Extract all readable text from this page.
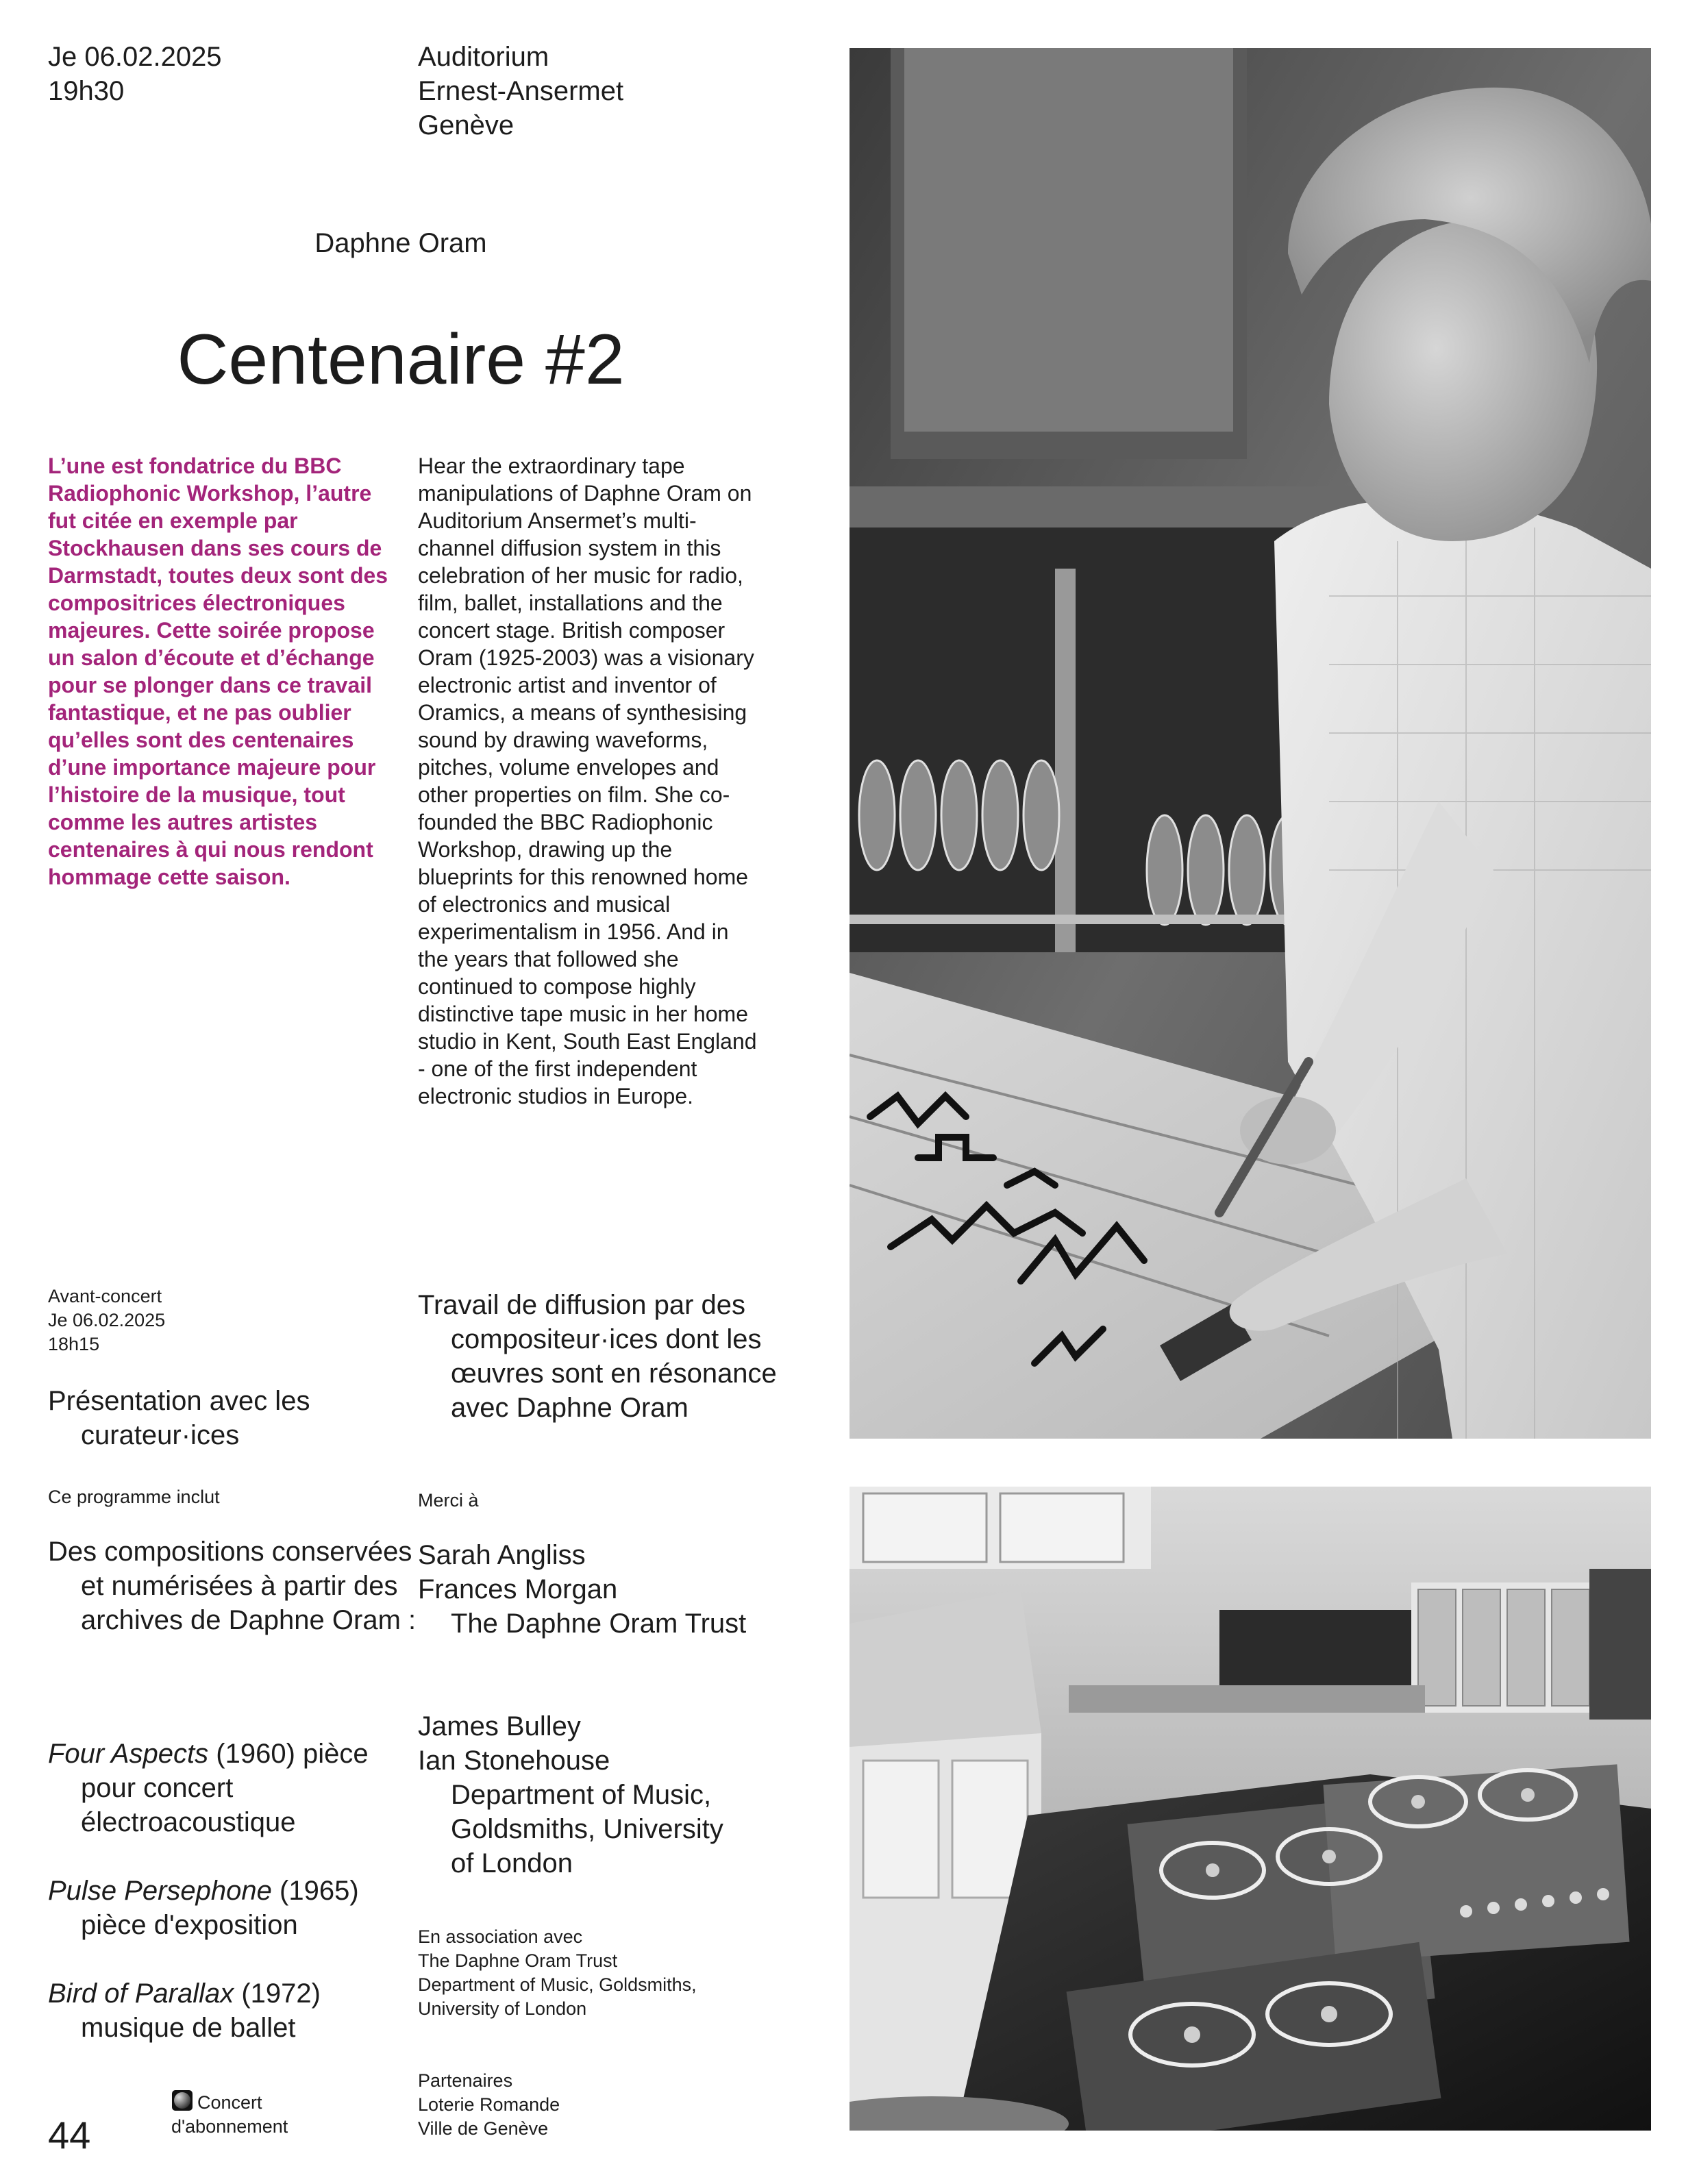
Je 06.02.2025
19h30
Auditorium
Ernest-Ansermet
Genève
Daphne Oram
Centenaire #2

L’une est fondatrice du BBC Radiophonic Workshop, l’autre fut citée en exemple par Stockhausen dans ses cours de Darmstadt, toutes deux sont des compositrices électroniques majeures. Cette soirée propose un salon d’écoute et d’échange pour se plonger dans ce travail fantastique, et ne pas oublier qu’elles sont des centenaires d’une importance majeure pour l’histoire de la musique, tout comme les autres artistes centenaires à qui nous rendont hommage cette saison.

Hear the extraordinary tape manipulations of Daphne Oram on Auditorium Ansermet’s multi-channel diffusion system in this celebration of her music for radio, film, ballet, installations and the concert stage. British composer Oram (1925-2003) was a visionary electronic artist and inventor of Oramics, a means of synthesising sound by drawing waveforms, pitches, volume envelopes and other properties on film. She co-founded the BBC Radiophonic Workshop, drawing up the blueprints for this renowned home of electronics and musical experimentalism in 1956. And in the years that followed she continued to compose highly distinctive tape music in her home studio in Kent, South East England - one of the first independent electronic studios in Europe.

Avant-concert
Je 06.02.2025
18h15

Présentation avec les curateur·ices

Ce programme inclut

Des compositions conservées et numérisées à partir des archives de Daphne Oram :

Four Aspects (1960) pièce pour concert électroacoustique
Pulse Persephone (1965) pièce d'exposition
Bird of Parallax (1972) musique de ballet

Travail de diffusion par des compositeur·ices dont les œuvres sont en résonance avec Daphne Oram

Merci à
Sarah Angliss
Frances Morgan

The Daphne Oram Trust

James Bulley
Ian Stonehouse

Department of Music, Goldsmiths, University of London

En association avec
The Daphne Oram Trust
Department of Music, Goldsmiths,
University of London
Partenaires
Loterie Romande
Ville de Genève
44
Concert
d'abonnement
